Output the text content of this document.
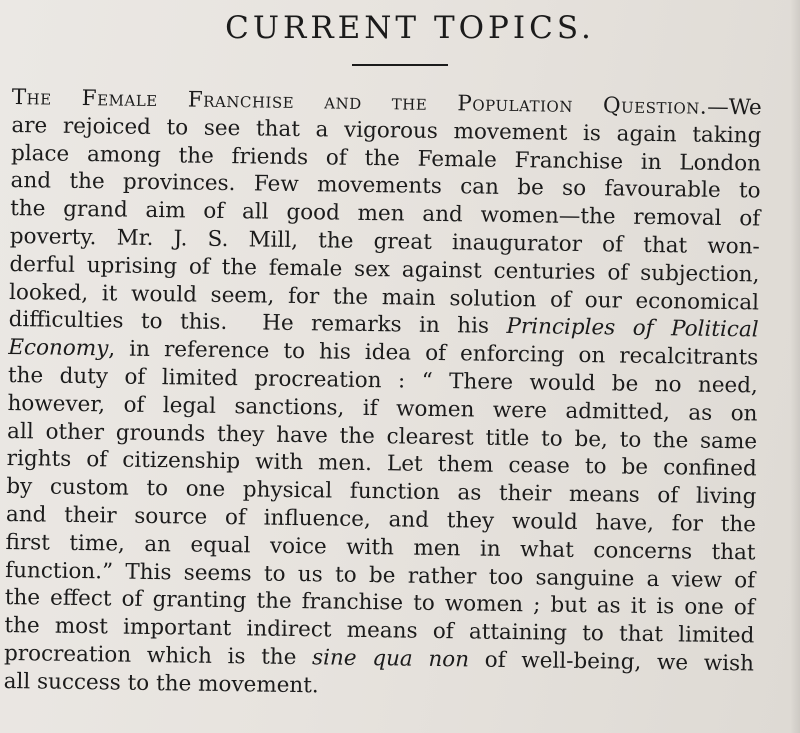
CURRENT TOPICS.
The Female Franchise and the Population Question.—We
are rejoiced to see that a vigorous movement is again taking
place among the friends of the Female Franchise in London
and the provinces. Few movements can be so favourable to
the grand aim of all good men and women—the removal of
poverty. Mr. J. S. Mill, the great inaugurator of that won-
derful uprising of the female sex against centuries of subjection,
looked, it would seem, for the main solution of our economical
difficulties to this.  He remarks in his Principles of Political
Economy, in reference to his idea of enforcing on recalcitrants
the duty of limited procreation : “ There would be no need,
however, of legal sanctions, if women were admitted, as on
all other grounds they have the clearest title to be, to the same
rights of citizenship with men. Let them cease to be confined
by custom to one physical function as their means of living
and their source of influence, and they would have, for the
first time, an equal voice with men in what concerns that
function.” This seems to us to be rather too sanguine a view of
the effect of granting the franchise to women ; but as it is one of
the most important indirect means of attaining to that limited
procreation which is the sine qua non of well-being, we wish
all success to the movement.
